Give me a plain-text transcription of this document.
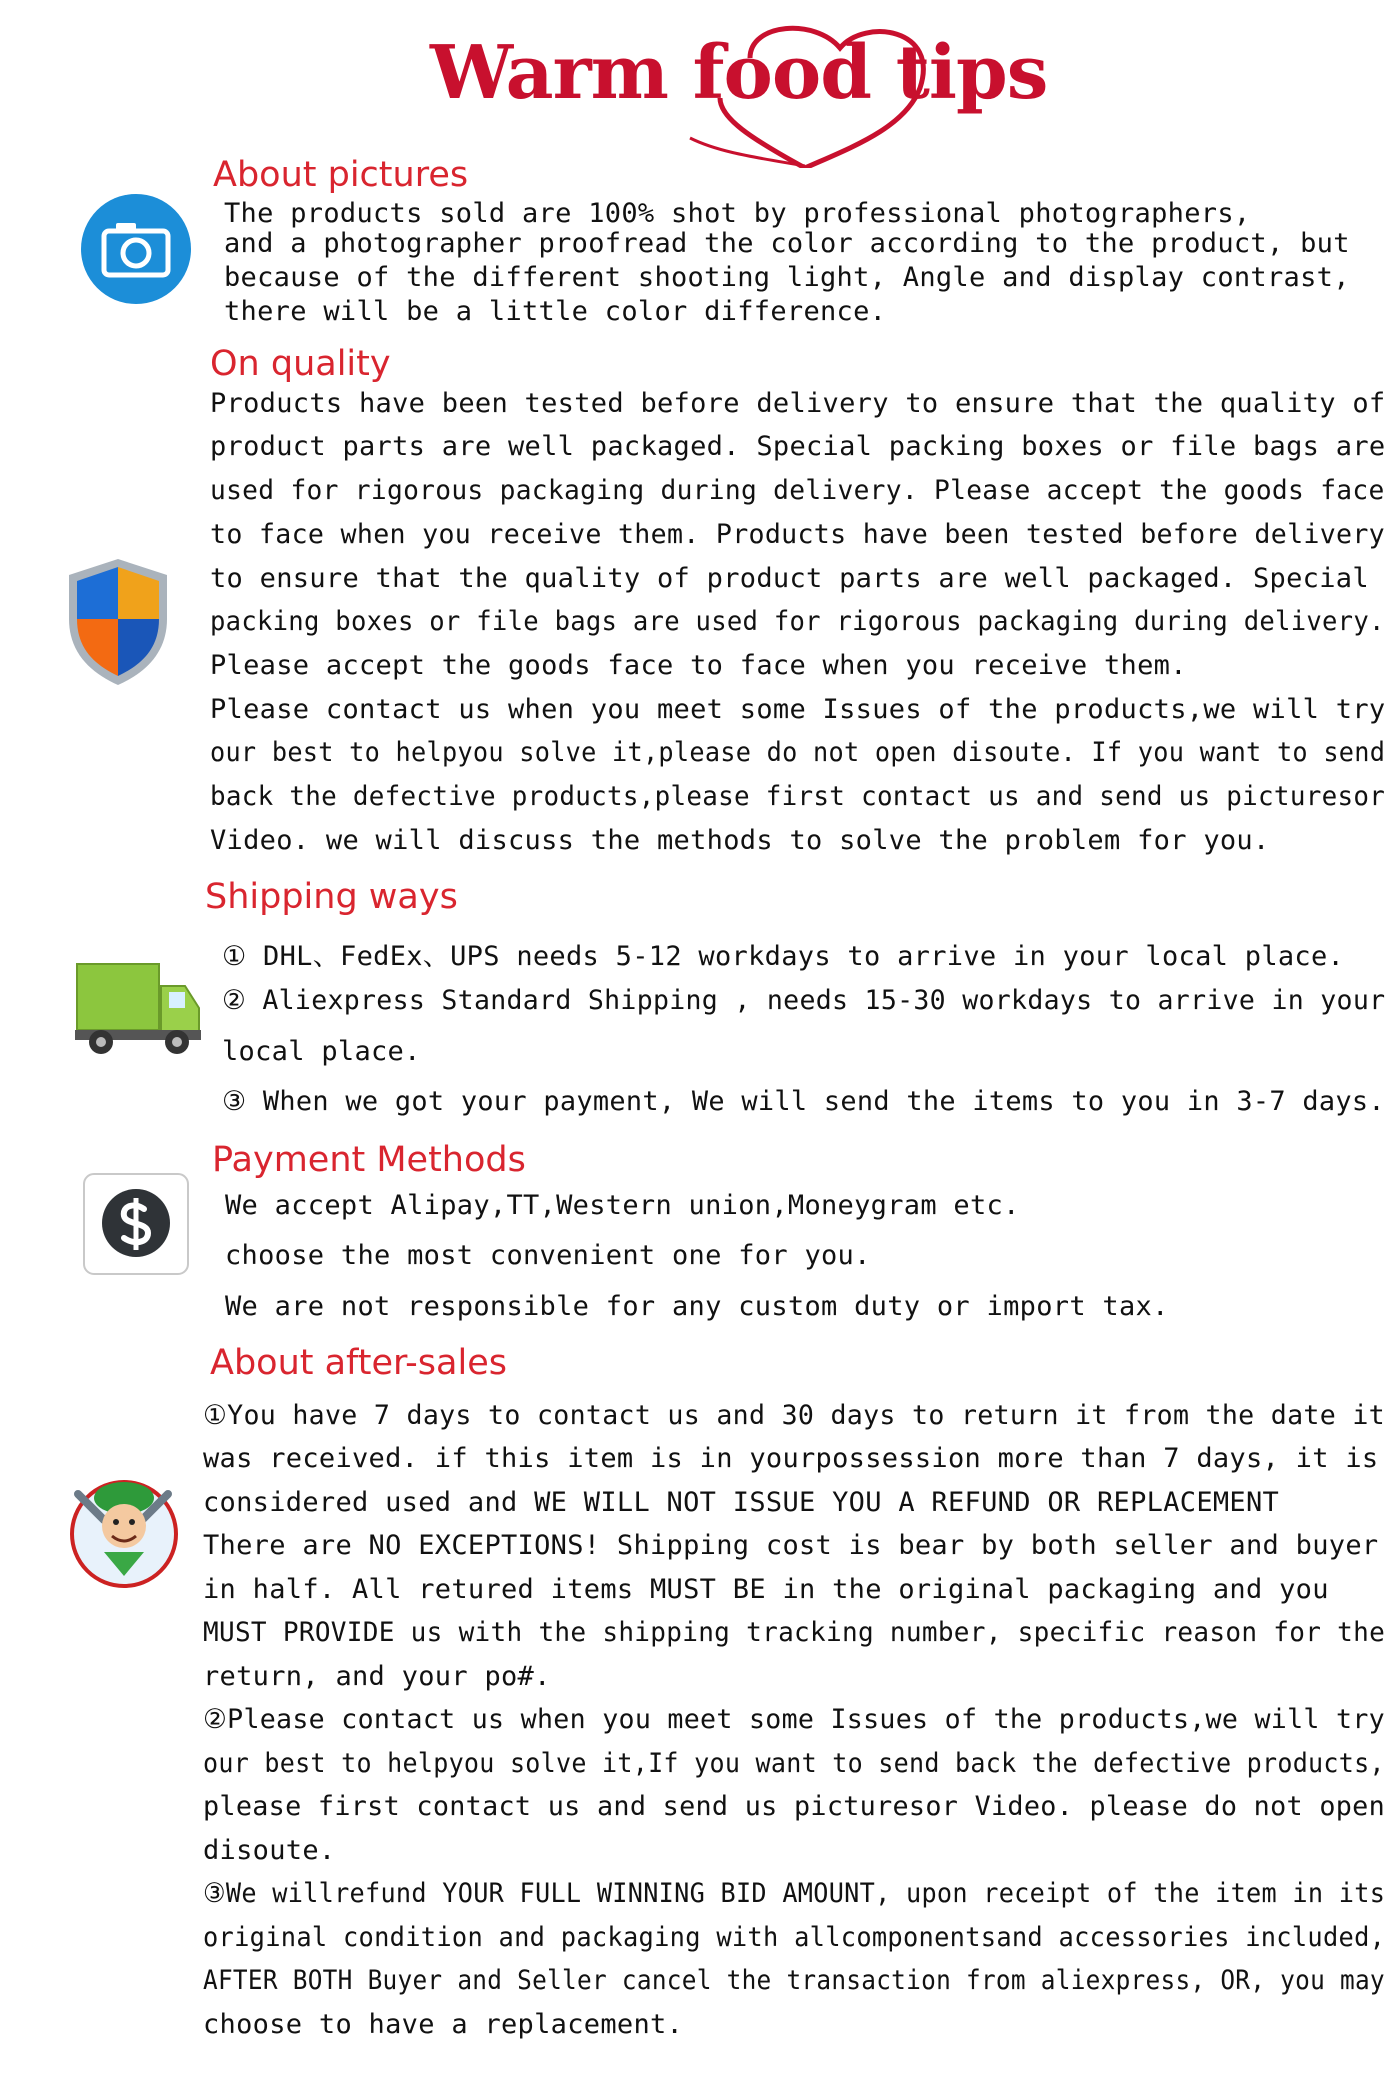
Warm food tips
About pictures
The products sold are 100% shot by professional photographers,
and a photographer proofread the color according to the product, but
because of the different shooting light, Angle and display contrast,
there will be a little color difference.
On quality
Products have been tested before delivery to ensure that the quality of
product parts are well packaged. Special packing boxes or file bags are
used for rigorous packaging during delivery. Please accept the goods face
to face when you receive them. Products have been tested before delivery
to ensure that the quality of product parts are well packaged. Special
packing boxes or file bags are used for rigorous packaging during delivery.
Please accept the goods face to face when you receive them.
Please contact us when you meet some Issues of the products,we will try
our best to helpyou solve it,please do not open disoute. If you want to send
back the defective products,please first contact us and send us picturesor
Video. we will discuss the methods to solve the problem for you.
Shipping ways
① DHL、FedEx、UPS needs 5-12 workdays to arrive in your local place.
② Aliexpress Standard Shipping , needs 15-30 workdays to arrive in your
local place.
③ When we got your payment, We will send the items to you in 3-7 days.
Payment Methods
We accept Alipay,TT,Western union,Moneygram etc.
choose the most convenient one for you.
We are not responsible for any custom duty or import tax.
About after-sales
①You have 7 days to contact us and 30 days to return it from the date it
was received. if this item is in yourpossession more than 7 days, it is
considered used and WE WILL NOT ISSUE YOU A REFUND OR REPLACEMENT
There are NO EXCEPTIONS! Shipping cost is bear by both seller and buyer
in half. All retured items MUST BE in the original packaging and you
MUST PROVIDE us with the shipping tracking number, specific reason for the
return, and your po#.
②Please contact us when you meet some Issues of the products,we will try
our best to helpyou solve it,If you want to send back the defective products,
please first contact us and send us picturesor Video. please do not open
disoute.
③We willrefund YOUR FULL WINNING BID AMOUNT, upon receipt of the item in its
original condition and packaging with allcomponentsand accessories included,
AFTER BOTH Buyer and Seller cancel the transaction from aliexpress, OR, you may
choose to have a replacement.
